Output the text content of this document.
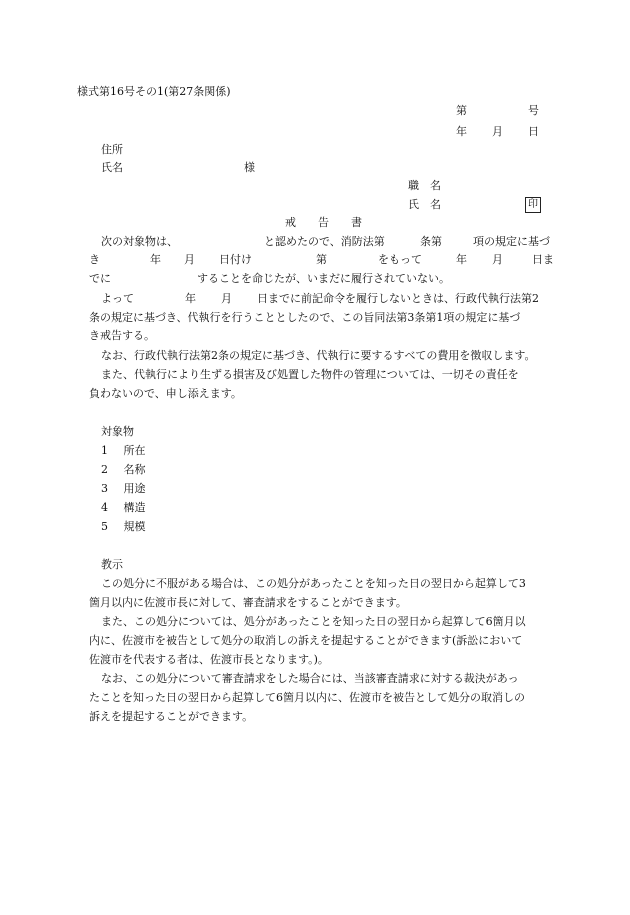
様式第16号その1(第27条関係)
第	号
年 月 日
住所
氏名	様
職　名
氏　名	印
戒　　告　　書
次の対象物は、	と認めたので、消防法第	条第	項の規定に基づ
き	年 月 日付け	第	をもって	年 月	日ま
でに	することを命じたが、いまだに履行されていない。
よって	年 月 日までに前記命令を履行しないときは、行政代執行法第2
条の規定に基づき、代執行を行うこととしたので、この旨同法第3条第1項の規定に基づ
き戒告する。
なお、行政代執行法第2条の規定に基づき、代執行に要するすべての費用を徴収します。
また、代執行により生ずる損害及び処置した物件の管理については、一切その責任を
負わないので、申し添えます。
対象物
1 所在
2 名称
3 用途
4 構造
5 規模
教示
この処分に不服がある場合は、この処分があったことを知った日の翌日から起算して3
箇月以内に佐渡市長に対して、審査請求をすることができます。
また、この処分については、処分があったことを知った日の翌日から起算して6箇月以
内に、佐渡市を被告として処分の取消しの訴えを提起することができます(訴訟において
佐渡市を代表する者は、佐渡市長となります。)。
なお、この処分について審査請求をした場合には、当該審査請求に対する裁決があっ
たことを知った日の翌日から起算して6箇月以内に、佐渡市を被告として処分の取消しの
訴えを提起することができます。
